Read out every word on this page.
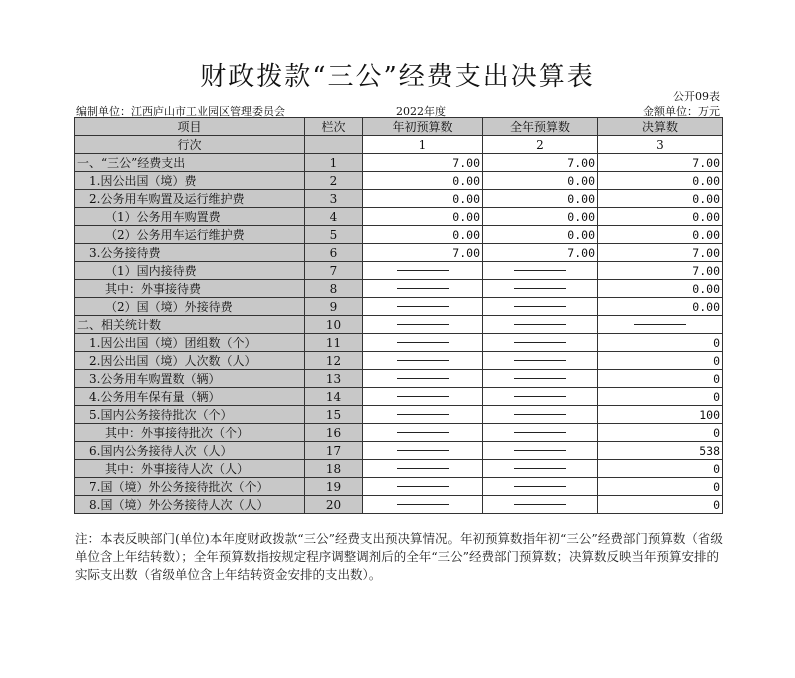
财政拨款“三公”经费支出决算表
公开09表
编制单位：江西庐山市工业园区管理委员会	2022年度	金额单位：万元
项目	栏次	年初预算数	全年预算数	决算数
行次		1	2	3
一、“三公”经费支出	1	7.00	7.00	7.00
1.因公出国（境）费	2	0.00	0.00	0.00
2.公务用车购置及运行维护费	3	0.00	0.00	0.00
（1）公务用车购置费	4	0.00	0.00	0.00
（2）公务用车运行维护费	5	0.00	0.00	0.00
3.公务接待费	6	7.00	7.00	7.00
（1）国内接待费	7			7.00
其中：外事接待费	8			0.00
（2）国（境）外接待费	9			0.00
二、相关统计数	10	

1.因公出国（境）团组数（个）	11			0
2.因公出国（境）人次数（人）	12			0
3.公务用车购置数（辆）	13			0
4.公务用车保有量（辆）	14			0
5.国内公务接待批次（个）	15			100
其中：外事接待批次（个）	16			0
6.国内公务接待人次（人）	17			538
其中：外事接待人次（人）	18			0
7.国（境）外公务接待批次（个）	19			0
8.国（境）外公务接待人次（人）	20			0
注：本表反映部门(单位)本年度财政拨款“三公”经费支出预决算情况。年初预算数指年初“三公”经费部门预算数（省级单位含上年结转数）；全年预算数指按规定程序调整调剂后的全年“三公”经费部门预算数；决算数反映当年预算安排的实际支出数（省级单位含上年结转资金安排的支出数）。
